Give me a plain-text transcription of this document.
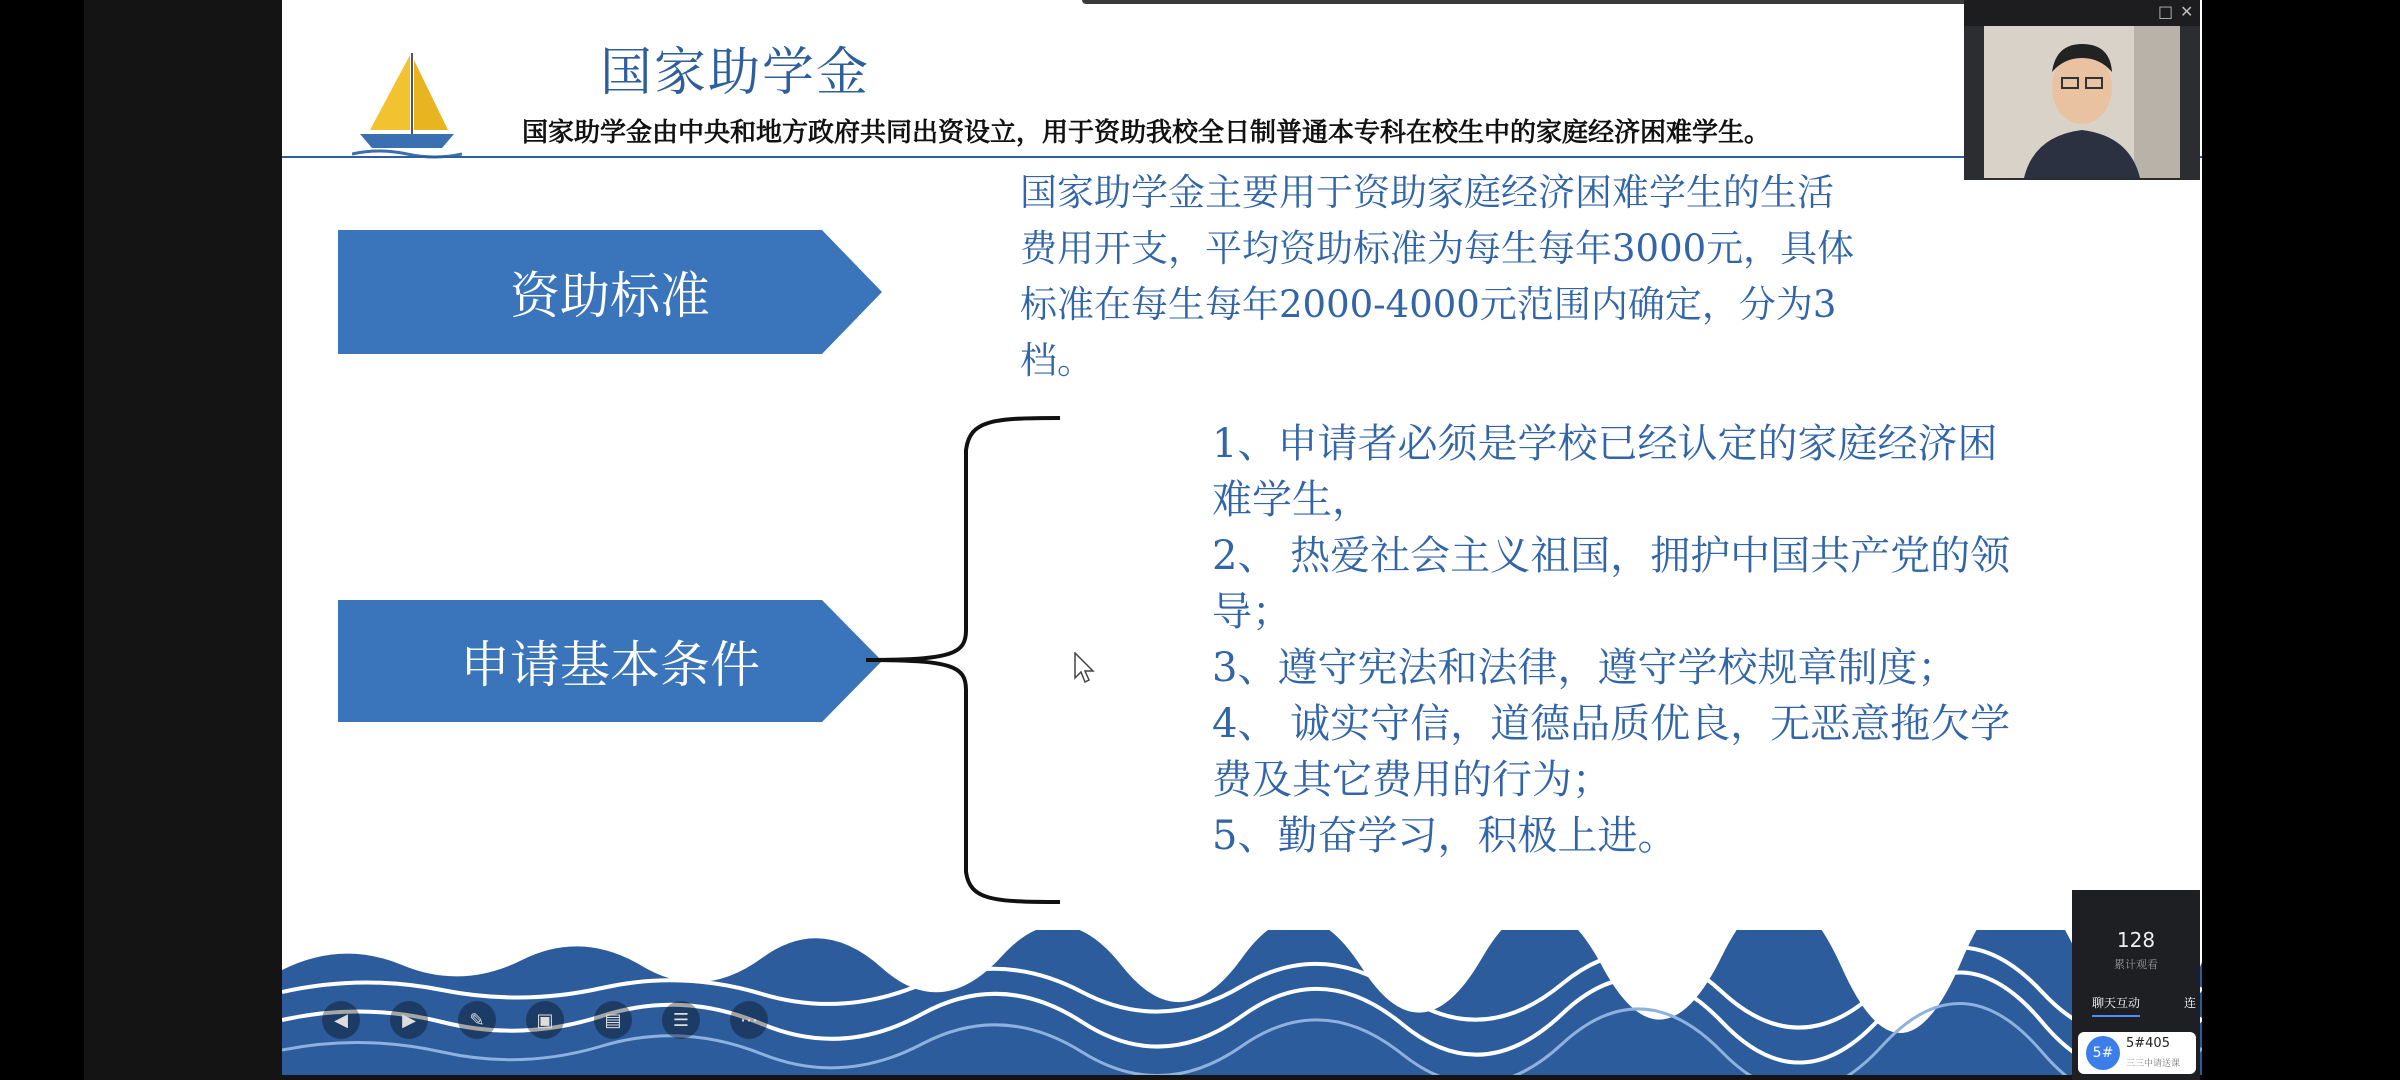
国家助学金
国家助学金由中央和地方政府共同出资设立，用于资助我校全日制普通本专科在校生中的家庭经济困难学生。
资助标准
国家助学金主要用于资助家庭经济困难学生的生活费用开支，平均资助标准为每生每年3000元，具体标准在每生每年2000-4000元范围内确定，分为3档。
申请基本条件
1、申请者必须是学校已经认定的家庭经济困难学生，
2、 热爱社会主义祖国，拥护中国共产党的领导；
3、遵守宪法和法律，遵守学校规章制度；
4、 诚实守信，道德品质优良，无恶意拖欠学费及其它费用的行为；
5、勤奋学习，积极上进。
◀	▶	✎	▣	▤	☰	⋯
□ ✕
128
累计观看
聊天互动	连
5#
5#405
三三中请送课
